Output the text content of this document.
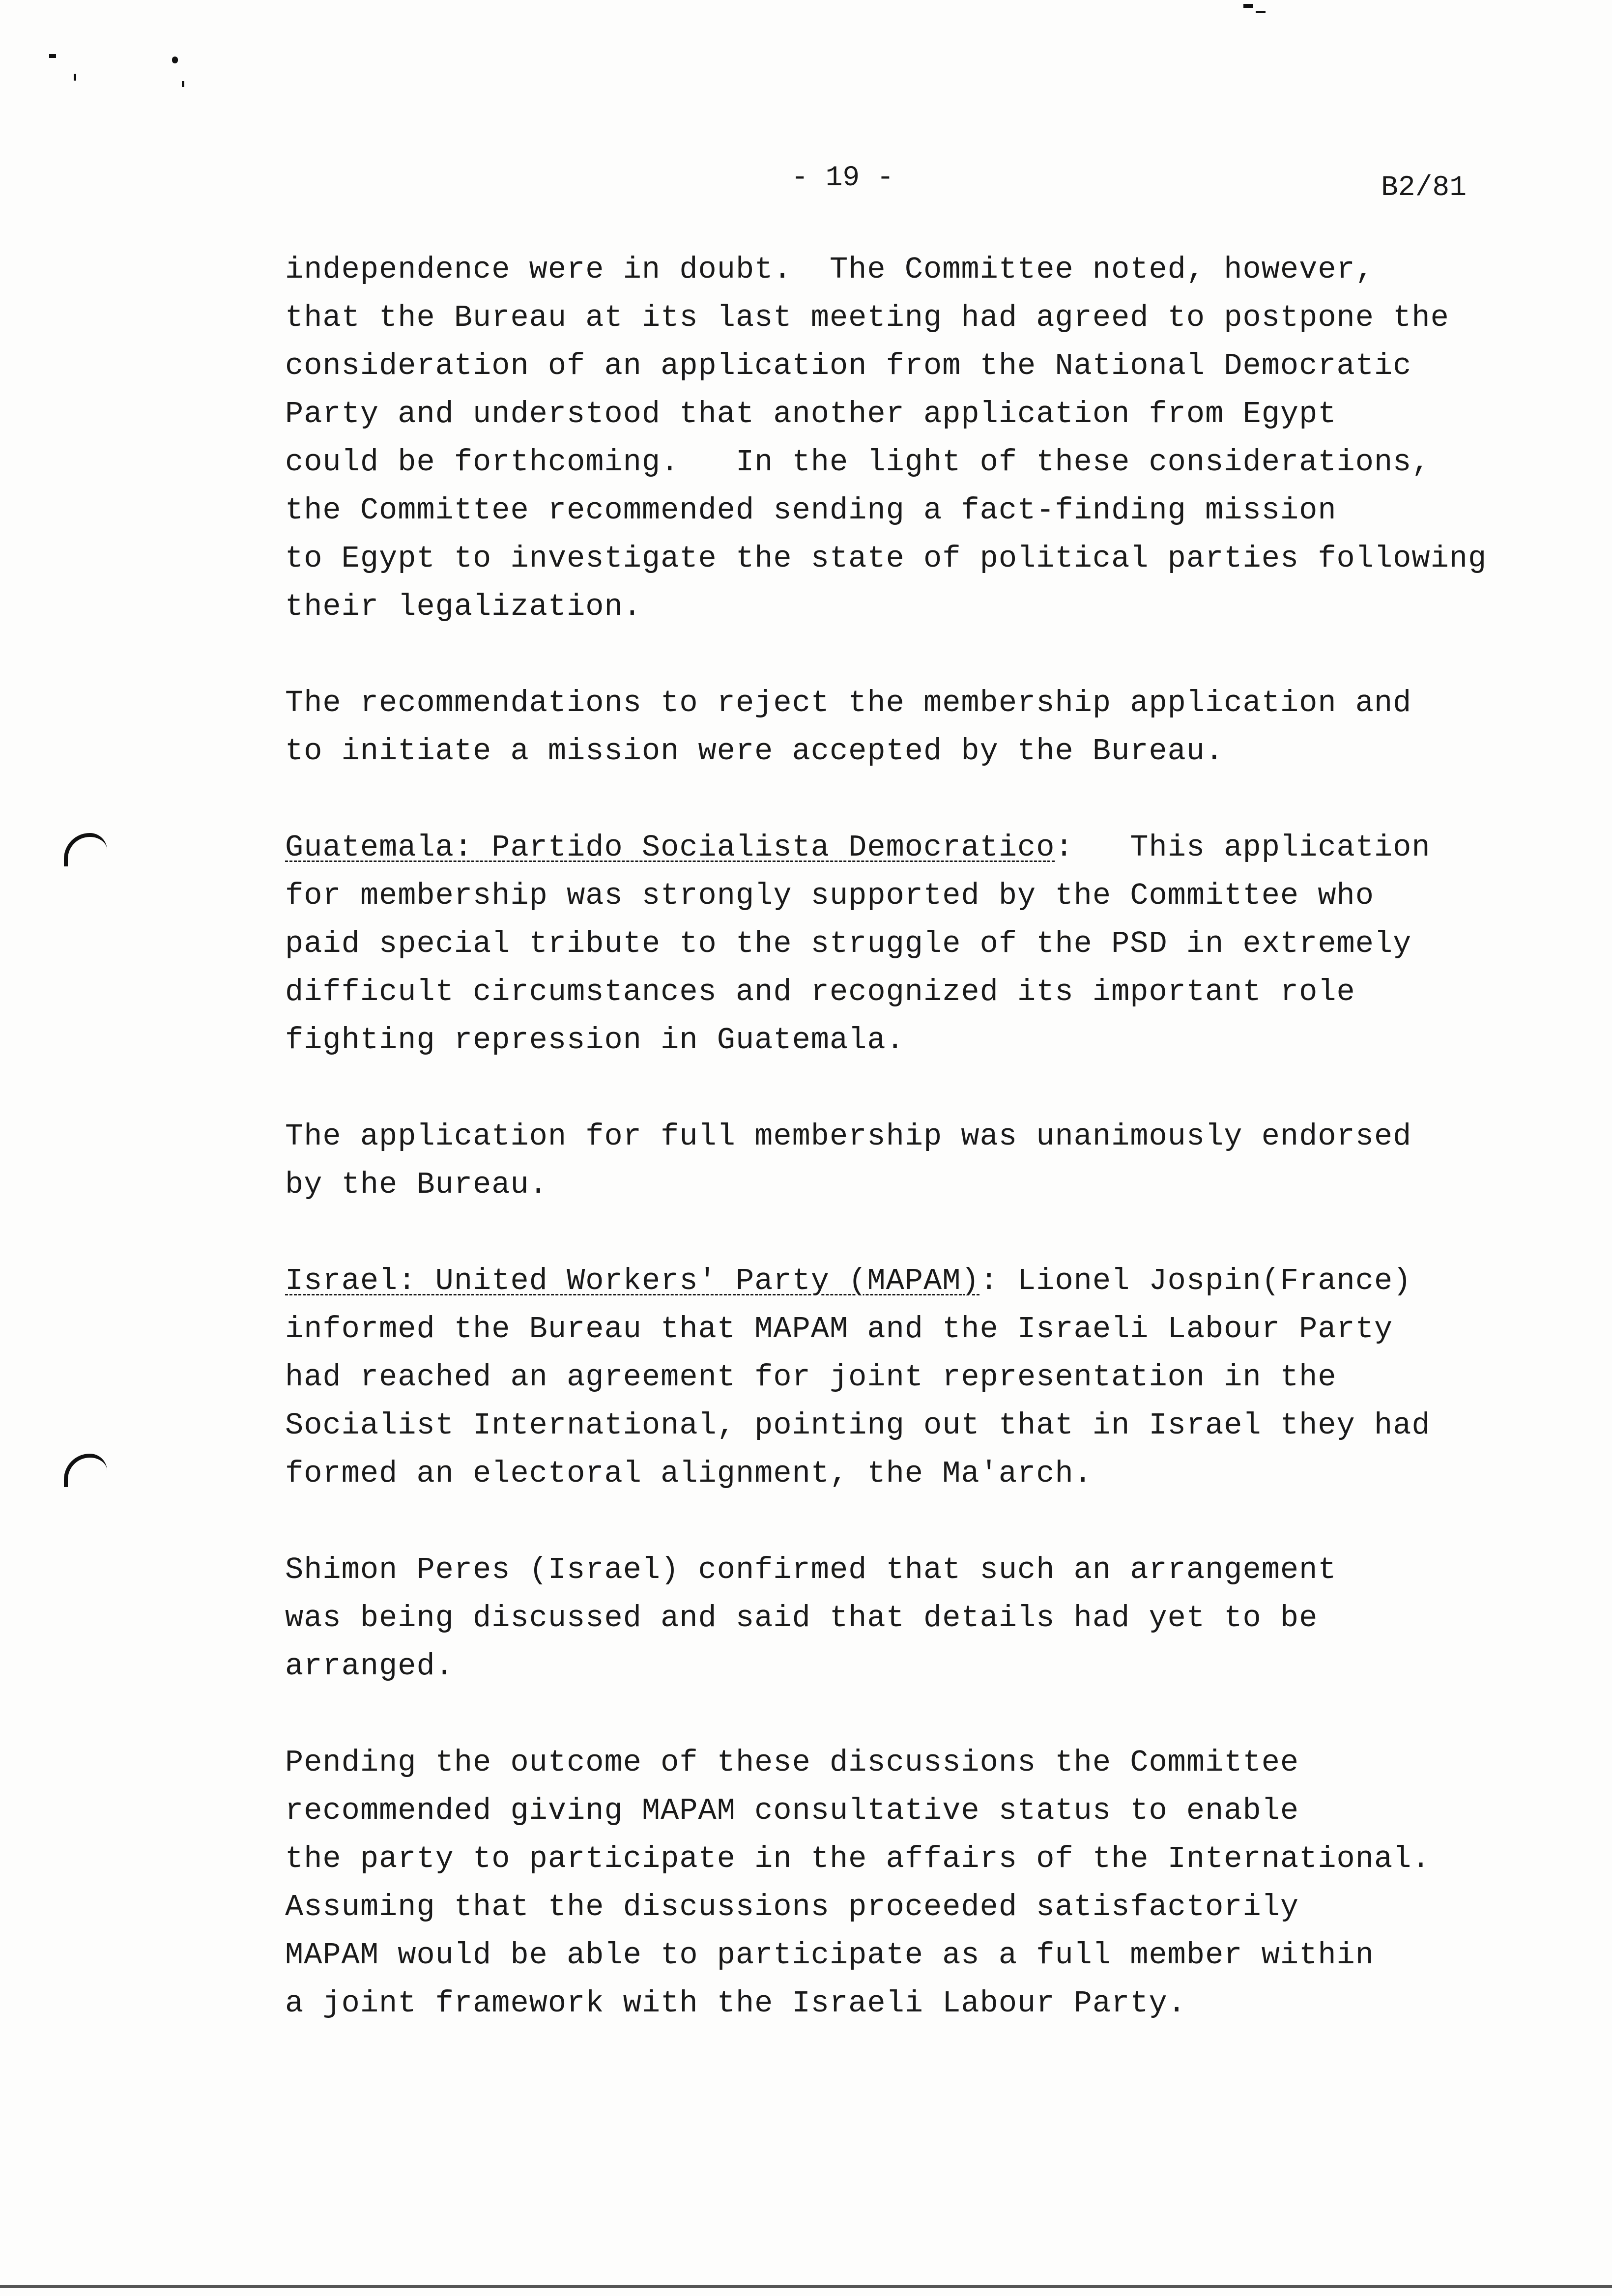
- 19 -	B2/81
independence were in doubt.  The Committee noted, however,
that the Bureau at its last meeting had agreed to postpone the
consideration of an application from the National Democratic
Party and understood that another application from Egypt
could be forthcoming.   In the light of these considerations,
the Committee recommended sending a fact-finding mission
to Egypt to investigate the state of political parties following
their legalization.
The recommendations to reject the membership application and
to initiate a mission were accepted by the Bureau.
Guatemala: Partido Socialista Democratico:   This application
for membership was strongly supported by the Committee who
paid special tribute to the struggle of the PSD in extremely
difficult circumstances and recognized its important role
fighting repression in Guatemala.
The application for full membership was unanimously endorsed
by the Bureau.
Israel: United Workers' Party (MAPAM): Lionel Jospin(France)
informed the Bureau that MAPAM and the Israeli Labour Party
had reached an agreement for joint representation in the
Socialist International, pointing out that in Israel they had
formed an electoral alignment, the Ma'arch.
Shimon Peres (Israel) confirmed that such an arrangement
was being discussed and said that details had yet to be
arranged.
Pending the outcome of these discussions the Committee
recommended giving MAPAM consultative status to enable
the party to participate in the affairs of the International.
Assuming that the discussions proceeded satisfactorily
MAPAM would be able to participate as a full member within
a joint framework with the Israeli Labour Party.
